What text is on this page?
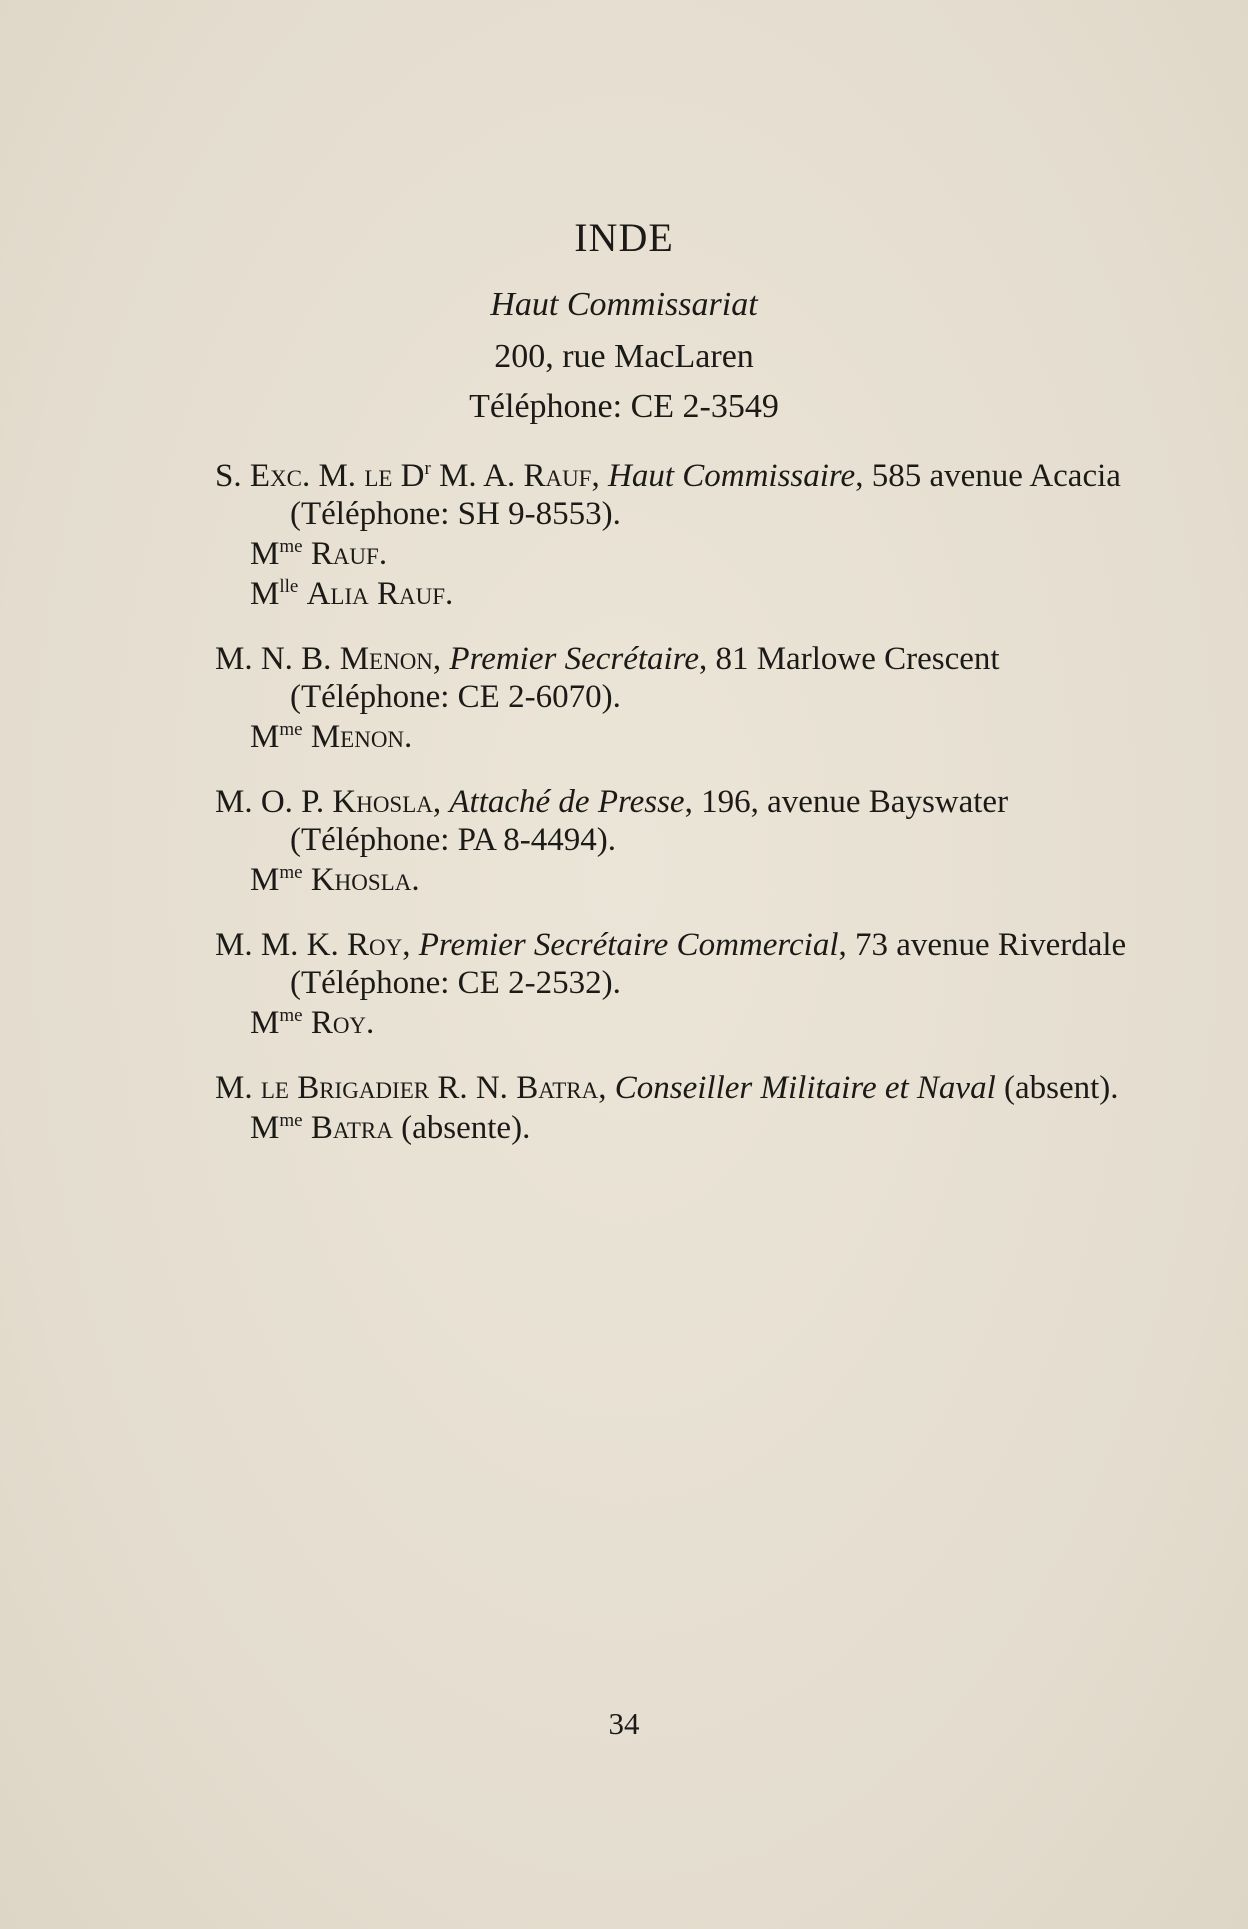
INDE
Haut Commissariat
200, rue MacLaren
Téléphone: CE 2-3549

S. Exc. M. le $D^r$ M. A. Rauf, Haut Commissaire, 585 avenue Acacia (Téléphone: SH 9-8553).

$M^{me}$ Rauf.

$M^{lle}$ Alia Rauf.

M. N. B. Menon, Premier Secrétaire, 81 Marlowe Crescent (Téléphone: CE 2-6070).

$M^{me}$ Menon.

M. O. P. Khosla, Attaché de Presse, 196, avenue Bayswater (Téléphone: PA 8-4494).

$M^{me}$ Khosla.

M. M. K. Roy, Premier Secrétaire Commercial, 73 avenue Riverdale (Téléphone: CE 2-2532).

$M^{me}$ Roy.

M. le Brigadier R. N. Batra, Conseiller Militaire et Naval (absent).

$M^{me}$ Batra (absente).

34
